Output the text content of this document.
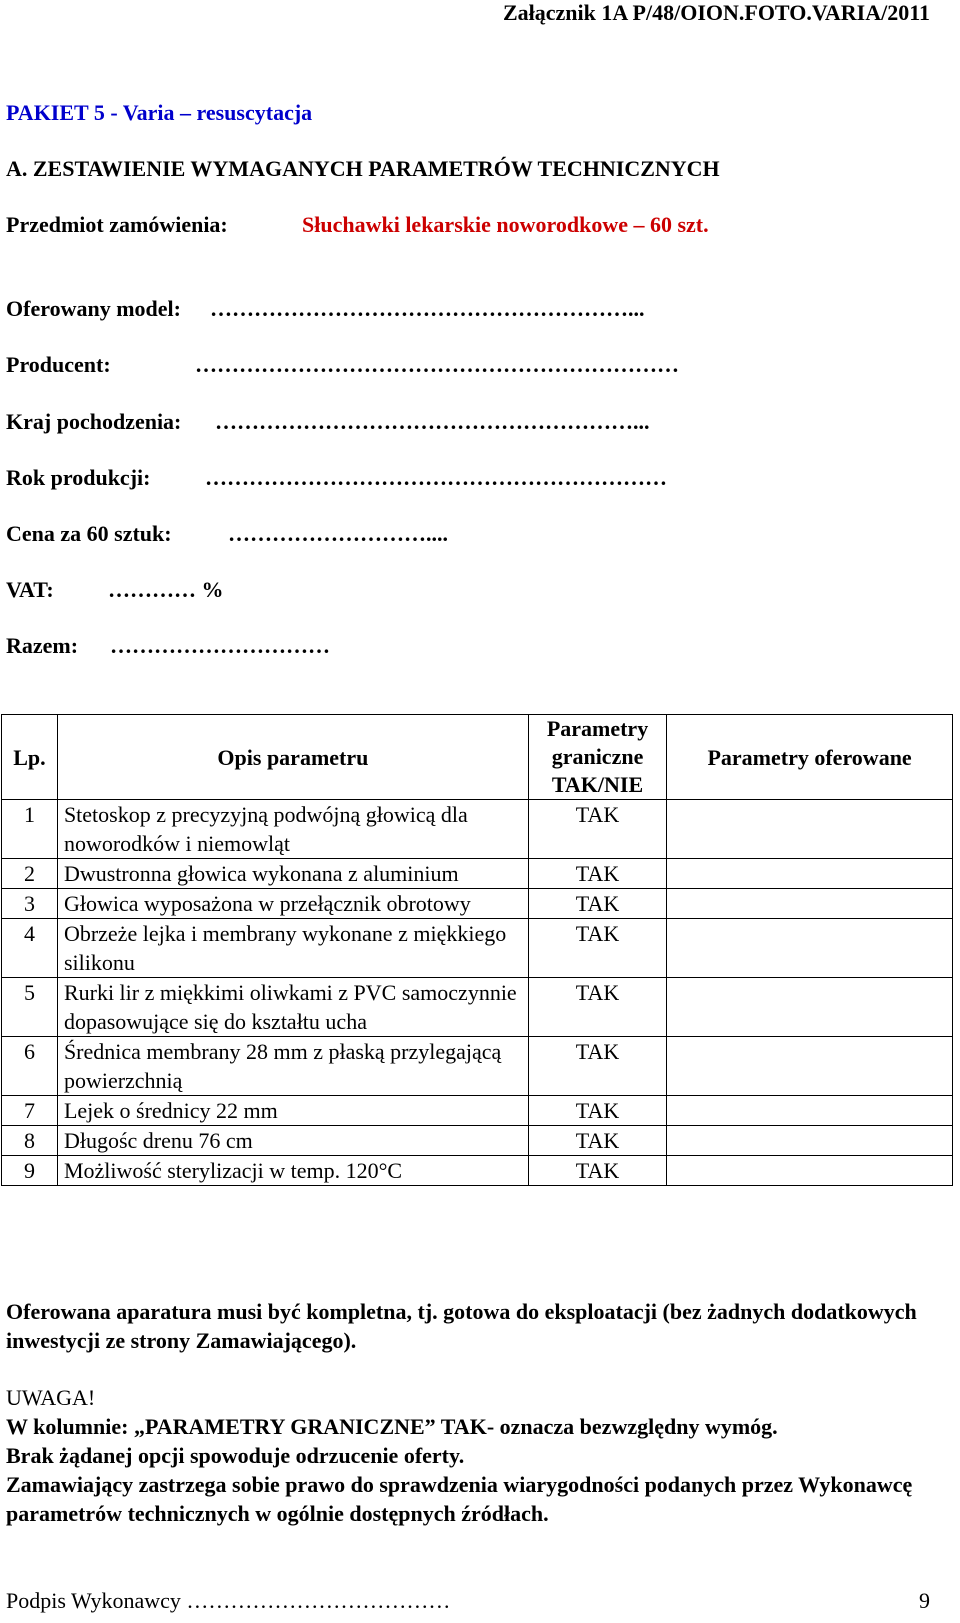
Załącznik 1A P/48/OION.FOTO.VARIA/2011
PAKIET 5 - Varia – resuscytacja
A. ZESTAWIENIE WYMAGANYCH PARAMETRÓW TECHNICZNYCH
Przedmiot zamówienia:	Słuchawki lekarskie noworodkowe – 60 szt.
Oferowany model: …………………………………………………...
Producent:	…………………………………………………………
Kraj pochodzenia: …………………………………………………...
Rok produkcji: ………………………………………………………
Cena za 60 sztuk:	………………………....
VAT: ………… %
Razem: …………………………
Lp.	Opis parametru	Parametry
graniczne
TAK/NIE	Parametry oferowane
1	Stetoskop z precyzyjną podwójną głowicą dla noworodków i niemowląt	TAK	
2	Dwustronna głowica wykonana z aluminium	TAK	
3	Głowica wyposażona w przełącznik obrotowy	TAK	
4	Obrzeże lejka i membrany wykonane z miękkiego silikonu	TAK	
5	Rurki lir z miękkimi oliwkami z PVC samoczynnie dopasowujące się do kształtu ucha	TAK	
6	Średnica membrany 28 mm z płaską przylegającą powierzchnią	TAK	
7	Lejek o średnicy 22 mm	TAK	
8	Długośc drenu 76 cm	TAK	
9	Możliwość sterylizacji w temp. 120°C	TAK	
Oferowana aparatura musi być kompletna, tj. gotowa do eksploatacji (bez żadnych dodatkowych inwestycji ze strony Zamawiającego).
UWAGA!
W kolumnie: „PARAMETRY GRANICZNE” TAK- oznacza bezwzględny wymóg.
Brak żądanej opcji spowoduje odrzucenie oferty.
Zamawiający zastrzega sobie prawo do sprawdzenia wiarygodności podanych przez Wykonawcę parametrów technicznych w ogólnie dostępnych źródłach.
Podpis Wykonawcy ………………………………	9
